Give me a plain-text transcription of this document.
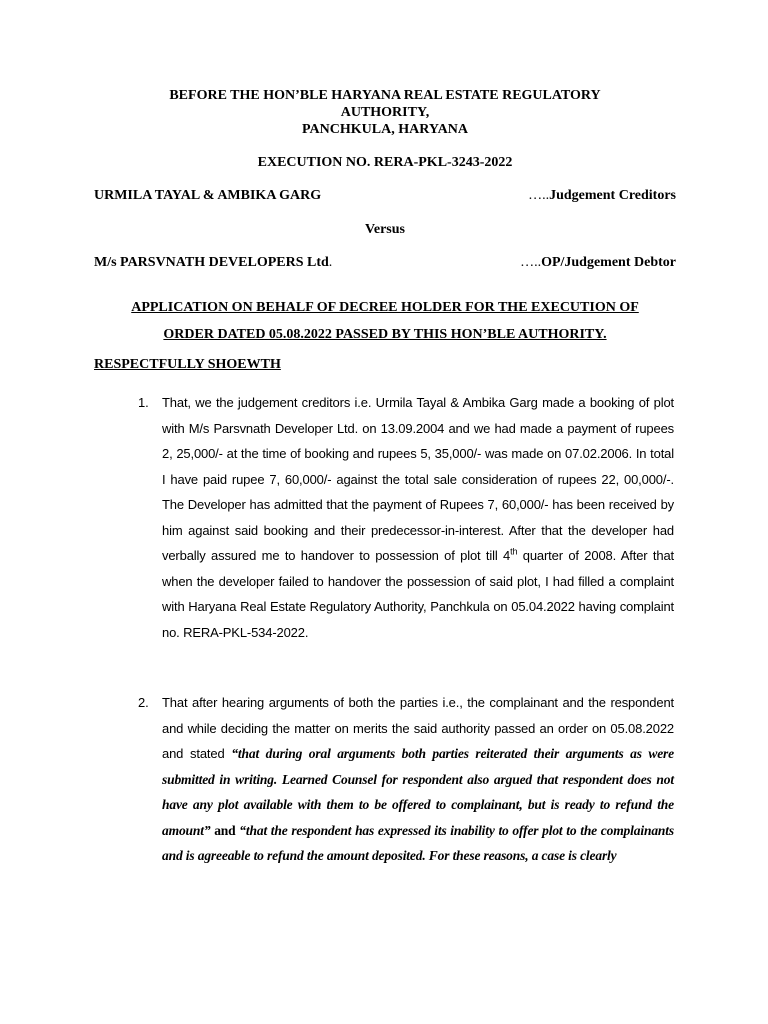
BEFORE THE HON’BLE HARYANA REAL ESTATE REGULATORY
AUTHORITY,
PANCHKULA, HARYANA
EXECUTION NO. RERA-PKL-3243-2022
URMILA TAYAL & AMBIKA GARG	…..Judgement Creditors
Versus
M/s PARSVNATH DEVELOPERS Ltd.	…..OP/Judgement Debtor
APPLICATION ON BEHALF OF DECREE HOLDER FOR THE EXECUTION OF
ORDER DATED 05.08.2022 PASSED BY THIS HON’BLE AUTHORITY.
RESPECTFULLY SHOEWTH
1. That, we the judgement creditors i.e. Urmila Tayal & Ambika Garg made a booking of plot with M/s Parsvnath Developer Ltd. on 13.09.2004 and we had made a payment of rupees 2, 25,000/- at the time of booking and rupees 5, 35,000/- was made on 07.02.2006. In total I have paid rupee 7, 60,000/- against the total sale consideration of rupees 22, 00,000/-. The Developer has admitted that the payment of Rupees 7, 60,000/- has been received by him against said booking and their predecessor-in-interest. After that the developer had verbally assured me to handover to possession of plot till 4th quarter of 2008. After that when the developer failed to handover the possession of said plot, I had filled a complaint with Haryana Real Estate Regulatory Authority, Panchkula on 05.04.2022 having complaint no. RERA-PKL-534-2022.

2. That after hearing arguments of both the parties i.e., the complainant and the respondent and while deciding the matter on merits the said authority passed an order on 05.08.2022 and stated “that during oral arguments both parties reiterated their arguments as were submitted in writing. Learned Counsel for respondent also argued that respondent does not have any plot available with them to be offered to complainant, but is ready to refund the amount” and “that the respondent has expressed its inability to offer plot to the complainants and is agreeable to refund the amount deposited. For these reasons, a case is clearly
